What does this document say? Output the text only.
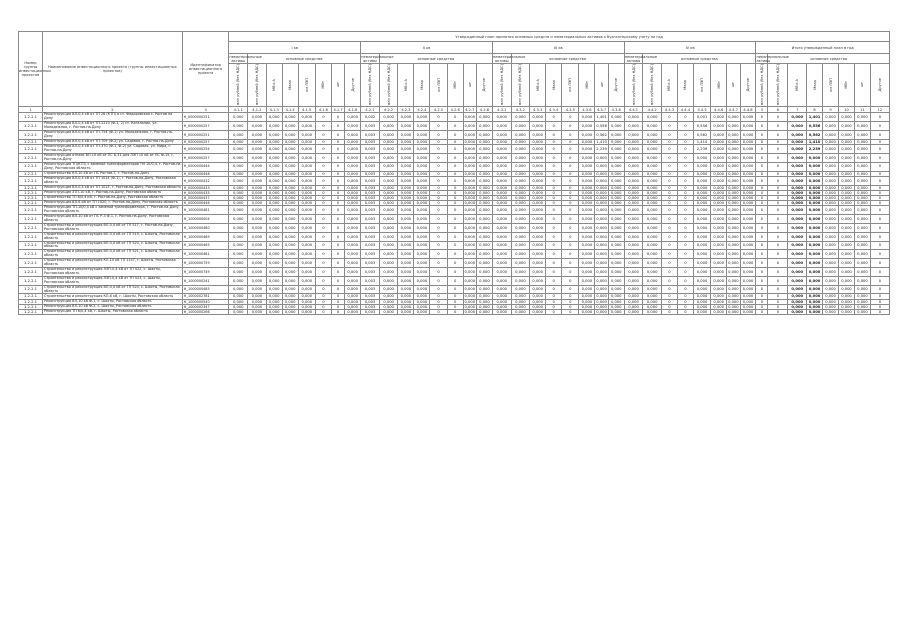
Номер группы инвестиционных проектов	Наименование инвестиционного проекта (группы инвестиционных проектов)	Идентификатор инвестиционного проекта	Утвержденный план принятия основных средств и нематериальных активов к бухгалтерскому учету на год																																								
			I кв								II кв								III кв								IV кв								Итого утвержденный план в год								
			нематериальные активы	основные средства							нематериальные активы	основные средства							нематериальные активы	основные средства							нематериальные активы	основные средства							нематериальные активы	основные средства							
			млн рублей (без НДС)	млн рублей (без НДС)	МВ×А	Мвар	км ЛЭП	МВт	шт	Другое	млн рублей (без НДС)	млн рублей (без НДС)	МВ×А	Мвар	км ЛЭП	МВт	шт	Другое	млн рублей (без НДС)	млн рублей (без НДС)	МВ×А	Мвар	км ЛЭП	МВт	шт	Другое	млн рублей (без НДС)	млн рублей (без НДС)	МВ×А	Мвар	км ЛЭП	МВт	шт	Другое	млн рублей (без НДС)	млн рублей (без НДС)	МВ×А	Мвар	км ЛЭП	МВт	шт	Другое	
1	2	3	4.1.1	4.1.2	4.1.3	4.1.4	4.1.5	4.1.6	4.1.7	4.1.8	4.2.1	4.2.2	4.2.3	4.2.4	4.2.5	4.2.6	4.2.7	4.2.8	4.3.1	4.3.2	4.3.3	4.3.4	4.3.5	4.3.6	4.3.7	4.3.8	4.4.1	4.4.2	4.4.3	4.4.4	4.4.5	4.4.6	4.4.7	4.4.8	5	6	7	8	9	10	11	12	
1.2.2.1	Реконструкция ВЛ-0,4 кВ от ТП 26 (КТП) в ст. Федоровская с. Ростов на Дону	Н_0000000251	0,000	0,000	0,000	0,000	0,000	0	0	0,000	0,002	0,000	0,000	0,000	0	0	0,000	0,000	0,000	0,000	0,000	0	0	0,000	1,401	0,000	0,000	0,000	0	0	0,001	0,000	0,000	0,000	0	0	0,000	1,401	0,000	0,000	0,000	0		
1.2.2.1	Реконструкция ВЛ-0,4 кВ от ТП-2220 (Ф-1, 2) ст. Кагальник, ул. Молодежная, г. Ростов-на-Дону	Н_0000000257	0,000	0,000	0,000	0,000	0,000	0	0	0,000	0,003	0,000	0,000	0,000	0	0	0,000	0,000	0,000	0,000	0,000	0	0	0,000	0,556	0,000	0,000	0,000	0	0	0,556	0,000	0,000	0,000	0	0	0,000	0,556	0,000	0,000	0,000	0		
1.2.2.1	Реконструкция ВЛ-0,4 кВ от ТП-754 (Ф-1) ул. Молодежная, г. Ростов-на-Дону	Н_0000000251	0,000	0,000	0,000	0,000	0,000	0	0	0,000	0,003	0,000	0,000	0,000	0	0	0,000	0,000	0,000	0,000	0,000	0	0	0,000	0,562	0,000	0,000	0,000	0	0	0,562	0,000	0,000	0,000	0	0	0,000	0,562	0,000	0,000	0,000	0		
1.2.2.1	Реконструкция ВЛ-0,4 кВ от ТП-709 (Ф-2) ул. Садовая, г. Ростов-на-Дону	Н_0000000257	0,000	0,000	0,000	0,000	0,000	0	0	0,000	0,003	0,000	0,000	0,000	0	0	0,000	0,000	0,000	0,000	0,000	0	0	0,000	1,410	0,000	0,000	0,000	0	0	1,410	0,000	0,000	0,000	0	0	0,000	1,410	0,000	0,000	0,000	0		
1.2.2.1	Реконструкция ВЛ-0,4 кВ от ТП-370 (Ф-1, Ф-2) ул. Садовая, ул. Мира, г. Ростов-на-Дону	Н_0000000254	0,000	0,000	0,000	0,000	0,000	0	0	0,000	0,003	0,000	0,000	0,000	0	0	0,000	0,000	0,000	0,000	0,000	0	0	0,000	2,239	0,000	0,000	0,000	0	0	2,239	0,000	0,000	0,000	0	0	0,000	2,239	0,000	0,000	0,000	0		
1.2.2.1	Реконструкция отпаек ВЛ-10 кВ от ПС Б-31 для ЛЭП 10 кВ от ПС Ф-15, г. Ростов-на-Дону	Н_0000000257	0,000	0,000	0,000	0,000	0,000	0	0	0,000	0,003	0,000	0,000	0,000	0	0	0,000	0,000	0,000	0,000	0,000	0	0	0,000	0,000	0,000	0,000	0,000	0	0	0,000	0,000	0,000	0,000	0	0	0,000	0,000	0,000	0,000	0,000	0		
1.2.2.1	Реконструкция ТП(КТП) с заменой трансформаторов ТМ 10/0,4, г. Ростов-на-Дону, Ростовская область	Н_0000000444	0,000	0,000	0,000	0,000	0,000	0	0	0,000	0,003	0,000	0,000	0,000	0	0	0,000	0,000	0,000	0,000	0,000	0	0	0,000	0,000	0,000	0,000	0,000	0	0	0,000	0,000	0,000	0,000	0	0	0,000	0,000	0,000	0,000	0,000	0		
1.2.2.1	Строительство КЛ-10 кВ от ПС Ростов-Т, г. Ростов-на-Дону	Н_0000000448	0,000	0,000	0,000	0,000	0,000	0	0	0,000	0,003	0,000	0,000	0,000	0	0	0,000	0,000	0,000	0,000	0,000	0	0	0,000	0,000	0,000	0,000	0,000	0	0	0,000	0,000	0,000	0,000	0	0	0,000	0,000	0,000	0,000	0,000	0		
1.2.2.1	Реконструкция ВЛ-0,4 кВ от ТП 1014 (Ф-1), г. Ростов-на-Дону, Ростовская область	Н_0000000432	0,000	0,000	0,000	0,000	0,000	0	0	0,000	0,003	0,000	0,000	0,000	0	0	0,000	0,000	0,000	0,000	0,000	0	0	0,000	0,000	0,000	0,000	0,000	0	0	0,000	0,000	0,000	0,000	0	0	0,000	0,000	0,000	0,000	0,000	0		
1.2.2.1	Реконструкция ВЛ-0,4 кВ от ТП 1015, г. Ростов-на-Дону, Ростовская область	Н_0000000433	0,000	0,000	0,000	0,000	0,000	0	0	0,000	0,003	0,000	0,000	0,000	0	0	0,000	0,000	0,000	0,000	0,000	0	0	0,000	0,000	0,000	0,000	0,000	0	0	0,000	0,000	0,000	0,000	0	0	0,000	0,000	0,000	0,000	0,000	0		
1.2.2.1	Реконструкция ЗТП-10 кВ, г. Ростов-на-Дону, Ростовская область	Н_0000000435	0,000	0,000	0,000	0,000	0,000	0	0	0,000	0,003	0,000	0,000	0,000	0	0	0,000	0,000	0,000	0,000	0,000	0	0	0,000	0,000	0,000	0,000	0,000	0	0	0,000	0,000	0,000	0,000	0	0	0,000	0,000	0,000	0,000	0,000	0		
1.2.2.1	Строительство ТП 6/0,4 кВ, г. Ростов-на-Дону, Ростовская область	Н_0000000437	0,000	0,000	0,000	0,000	0,000	0	0	0,000	0,003	0,000	0,000	0,000	0	0	0,000	0,000	0,000	0,000	0,000	0	0	0,000	0,000	0,000	0,000	0,000	0	0	0,000	0,000	0,000	0,000	0	0	0,000	0,000	0,000	0,000	0,000	0		
1.2.2.1	Реконструкция ВЛ-6 кВ от ТП 1020, г. Ростов-на-Дону, Ростовская область	Н_0000000446	0,000	0,000	0,000	0,000	0,000	0	0	0,000	0,003	0,000	0,000	0,000	0	0	0,000	0,000	0,000	0,000	0,000	0	0	0,000	0,000	0,000	0,000	0,000	0	0	0,000	0,000	0,000	0,000	0	0	0,000	0,000	0,000	0,000	0,000	0		
1.2.2.1	Реконструкция ТП-10/0,4 кВ с заменой трансформатора, г. Ростов-на-Дону, Ростовская область	Н_1000000481	0,000	0,000	0,000	0,000	0,000	0	0	0,000	0,003	0,000	0,000	0,000	0	0	0,000	0,000	0,000	0,000	0,000	0	0	0,000	0,000	0,000	0,000	0,000	0	0	0,000	0,000	0,000	0,000	0	0	0,000	0,000	0,000	0,000	0,000	0		
1.2.2.1	Реконструкция ВЛ-10 кВ от ПС Р-3 Ф-1, г. Ростов-на-Дону, Ростовская область	Н_1000000004	0,000	0,000	0,000	0,000	0,000	0	0	0,000	0,003	0,000	0,000	0,000	0	0	0,000	0,000	0,000	0,000	0,000	0	0	0,000	0,000	0,000	0,000	0,000	0	0	0,000	0,000	0,000	0,000	0	0	0,000	0,000	0,000	0,000	0,000	0		
1.2.2.1	Строительство и реконструкция ВЛ-0,4 кВ от ТП 517, г. Ростов-на-Дону, Ростовская область	Н_1000000480	0,000	0,000	0,000	0,000	0,000	0	0	0,000	0,003	0,000	0,000	0,000	0	0	0,000	0,000	0,000	0,000	0,000	0	0	0,000	0,000	0,000	0,000	0,000	0	0	0,000	0,000	0,000	0,000	0	0	0,000	0,000	0,000	0,000	0,000	0		
1.2.2.1	Строительство и реконструкция ВЛ-0,4 кВ от ТП 519, с. Шахты, Ростовская область	Н_1000000469	0,000	0,000	0,000	0,000	0,000	0	0	0,000	0,003	0,000	0,000	0,000	0	0	0,000	0,000	0,000	0,000	0,000	0	0	0,000	0,000	0,000	0,000	0,000	0	0	0,000	0,000	0,000	0,000	0	0	0,000	0,000	0,000	0,000	0,000	0		
1.2.2.1	Строительство и реконструкция ВЛ-0,4 кВ от ТП 520, с. Шахты, Ростовская область	Н_1000000465	0,000	0,000	0,000	0,000	0,000	0	0	0,000	0,003	0,000	0,000	0,000	0	0	0,000	0,000	0,000	0,000	0,000	0	0	0,000	0,000	0,000	0,000	0,000	0	0	0,000	0,000	0,000	0,000	0	0	0,000	0,000	0,000	0,000	0,000	0		
1.2.2.1	Строительство и реконструкция ВЛ-0,4 кВ от ТП 521, с. Шахты, Ростовская область	Н_1000000481	0,000	0,000	0,000	0,000	0,000	0	0	0,000	0,003	0,000	0,000	0,000	0	0	0,000	0,000	0,000	0,000	0,000	0	0	0,000	0,000	0,000	0,000	0,000	0	0	0,000	0,000	0,000	0,000	0	0	0,000	0,000	0,000	0,000	0,000	0		
1.2.2.1	Строительство и реконструкция КЛ-10 кВ ТП 1157, г. Шахты, Ростовская область	Н_1000000759	0,000	0,000	0,000	0,000	0,000	0	0	0,000	0,003	0,000	0,000	0,000	0	0	0,000	0,000	0,000	0,000	0,000	0	0	0,000	0,000	0,000	0,000	0,000	0	0	0,000	0,000	0,000	0,000	0	0	0,000	0,000	0,000	0,000	0,000	0		
1.2.2.1	Строительство и реконструкция ЛЭП-0,4 кВ от ТП 522, с. Шахты, Ростовская область	Н_1000000749	0,000	0,000	0,000	0,000	0,000	0	0	0,000	0,003	0,000	0,000	0,000	0	0	0,000	0,000	0,000	0,000	0,000	0	0	0,000	0,000	0,000	0,000	0,000	0	0	0,000	0,000	0,000	0,000	0	0	0,000	0,000	0,000	0,000	0,000	0		
1.2.2.1	Строительство и реконструкция ЛЭП-0,4 кВ от ТП 523, с. Шахты, Ростовская область	Н_1000000241	0,000	0,000	0,000	0,000	0,000	0	0	0,000	0,003	0,000	0,000	0,000	0	0	0,000	0,000	0,000	0,000	0,000	0	0	0,000	0,000	0,000	0,000	0,000	0	0	0,000	0,000	0,000	0,000	0	0	0,000	0,000	0,000	0,000	0,000	0		
1.2.2.1	Строительство и реконструкция ВЛ-0,4 кВ от ТП 524, с. Шахты, Ростовская область	Н_1000000485	0,000	0,000	0,000	0,000	0,000	0	0	0,000	0,003	0,000	0,000	0,000	0	0	0,000	0,000	0,000	0,000	0,000	0	0	0,000	0,000	0,000	0,000	0,000	0	0	0,000	0,000	0,000	0,000	0	0	0,000	0,000	0,000	0,000	0,000	0		
1.2.2.1	Строительство и реконструкция КЛ-6 кВ, г. Шахты, Ростовская область	Н_1000002781	0,000	0,000	0,000	0,000	0,000	0	0	0,000	0,003	0,000	0,000	0,000	0	0	0,000	0,000	0,000	0,000	0,000	0	0	0,000	0,000	0,000	0,000	0,000	0	0	0,000	0,000	0,000	0,000	0	0	0,000	0,000	0,000	0,000	0,000	0		
1.2.2.1	Реконструкция ВЛ-10 кВ Ф-1, с. Шахты, Ростовская область	Н_1000000540	0,000	0,000	0,000	0,000	0,000	0	0	0,000	0,003	0,000	0,000	0,000	0	0	0,000	0,000	0,000	0,000	0,000	0	0	0,000	0,000	0,000	0,000	0,000	0	0	0,000	0,000	0,000	0,000	0	0	0,000	0,000	0,000	0,000	0,000	0		
1.2.2.1	Реконструкция ВЛ-10 кВ Ф-2, с. Шахты, Ростовская область	Н_1000002347	0,000	0,000	0,000	0,000	0,000	0	0	0,000	0,003	0,000	0,000	0,000	0	0	0,000	0,000	0,000	0,000	0,000	0	0	0,000	0,000	0,000	0,000	0,000	0	0	0,000	0,000	0,000	0,000	0	0	0,000	0,000	0,000	0,000	0,000	0		
1.2.2.1	Реконструкция ТП 6/0,4 кВ, г. Шахты, Ростовская область	Н_1000000266	0,000	0,000	0,000	0,000	0,000	0	0	0,000	0,003	0,000	0,000	0,000	0	0	0,000	0,000	0,000	0,000	0,000	0	0	0,000	0,000	0,000	0,000	0,000	0	0	0,000	0,000	0,000	0,000	0	0	0,000	0,000	0,000	0,000	0,000	0		
